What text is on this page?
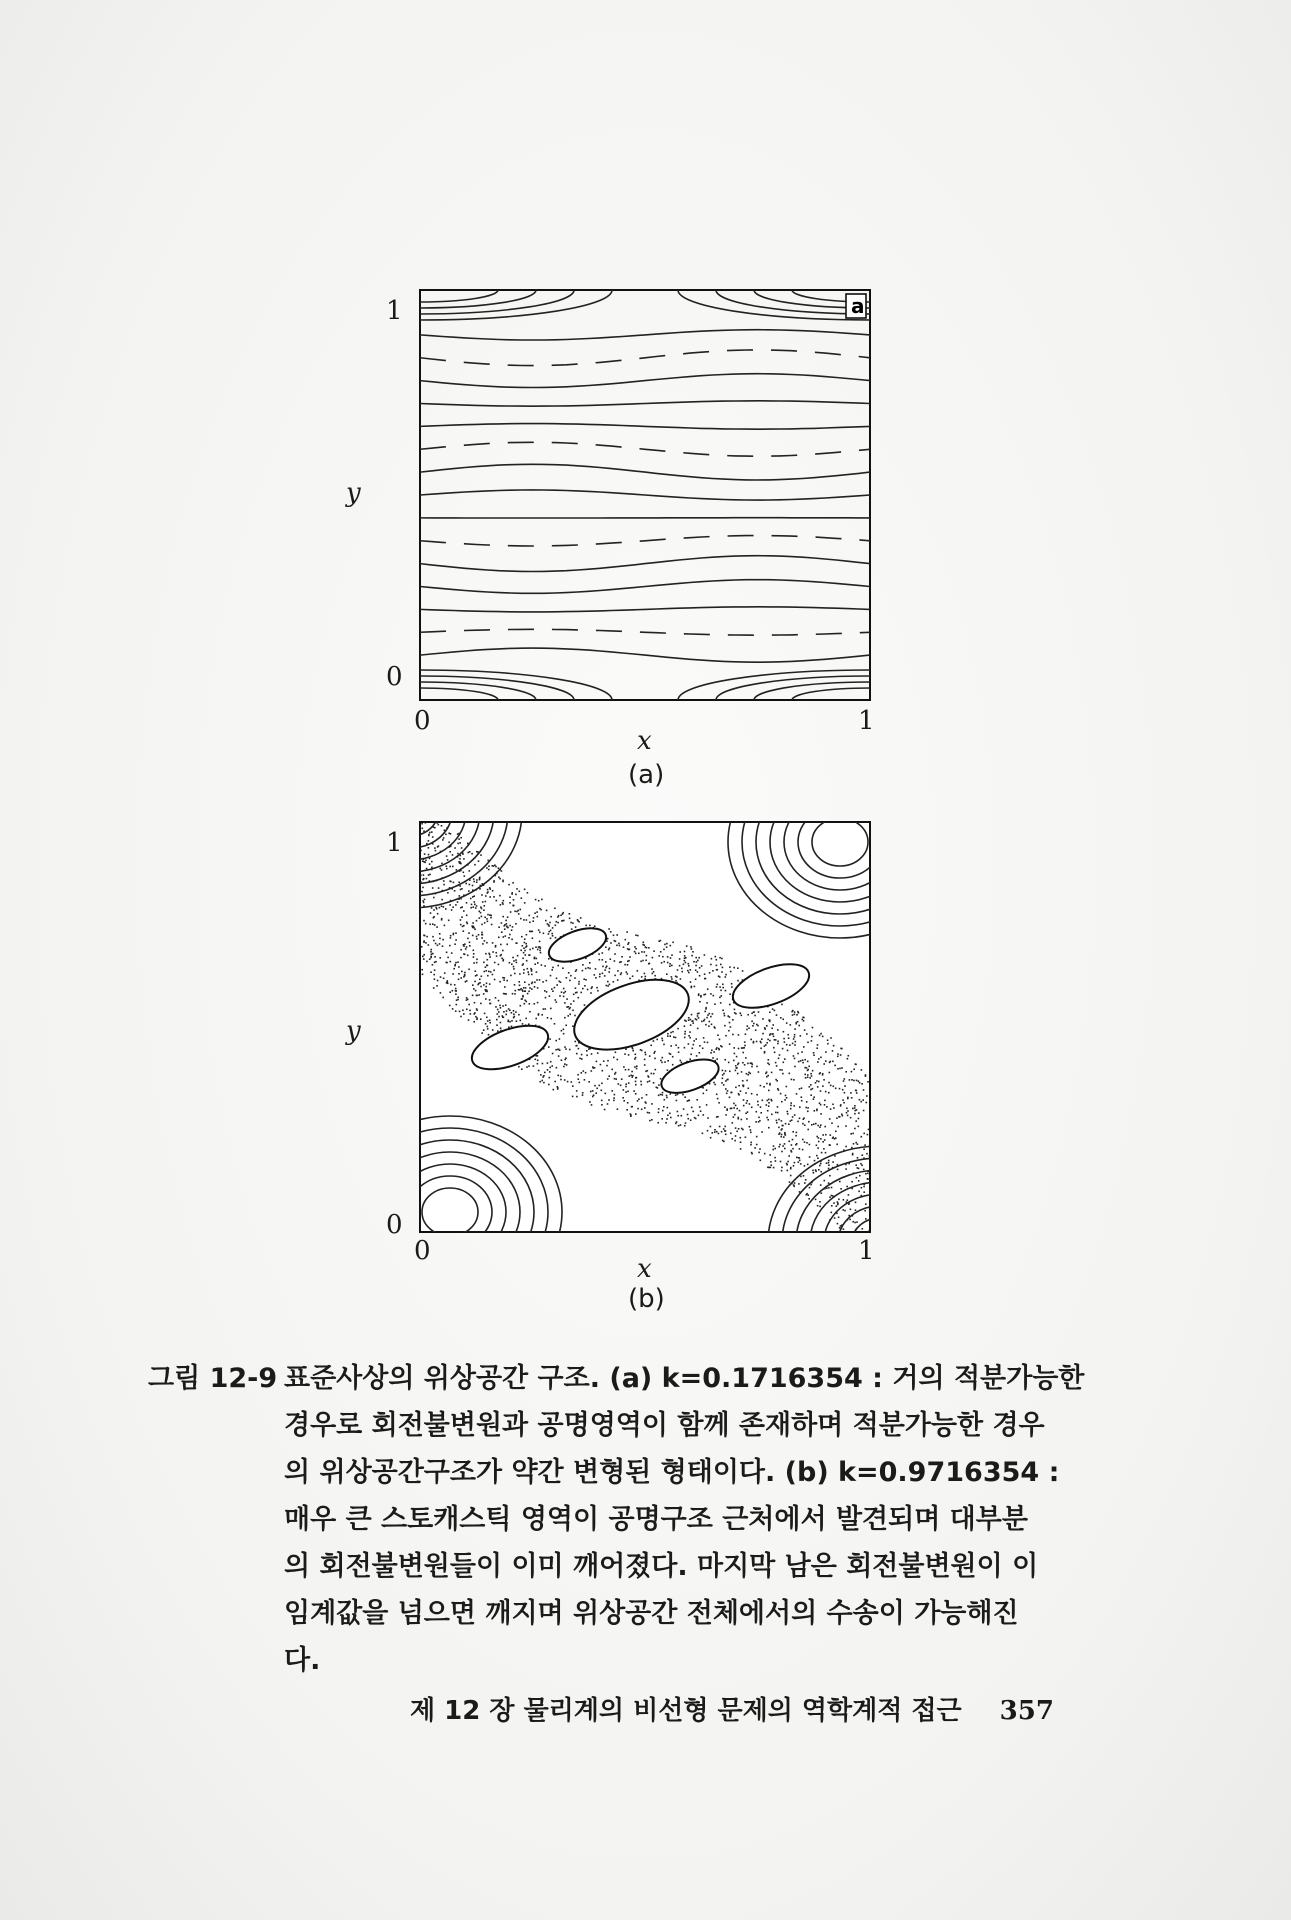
a
1
0
0	1
x
y
(a)
1
0
0	1
x
y
(b)
그림 12-9 표준사상의 위상공간 구조. (a) k=0.1716354 : 거의 적분가능한
경우로 회전불변원과 공명영역이 함께 존재하며 적분가능한 경우
의 위상공간구조가 약간 변형된 형태이다. (b) k=0.9716354 :
매우 큰 스토캐스틱 영역이 공명구조 근처에서 발견되며 대부분
의 회전불변원들이 이미 깨어졌다. 마지막 남은 회전불변원이 이
임계값을 넘으면 깨지며 위상공간 전체에서의 수송이 가능해진
다.
제 12 장 물리계의 비선형 문제의 역학계적 접근 357
